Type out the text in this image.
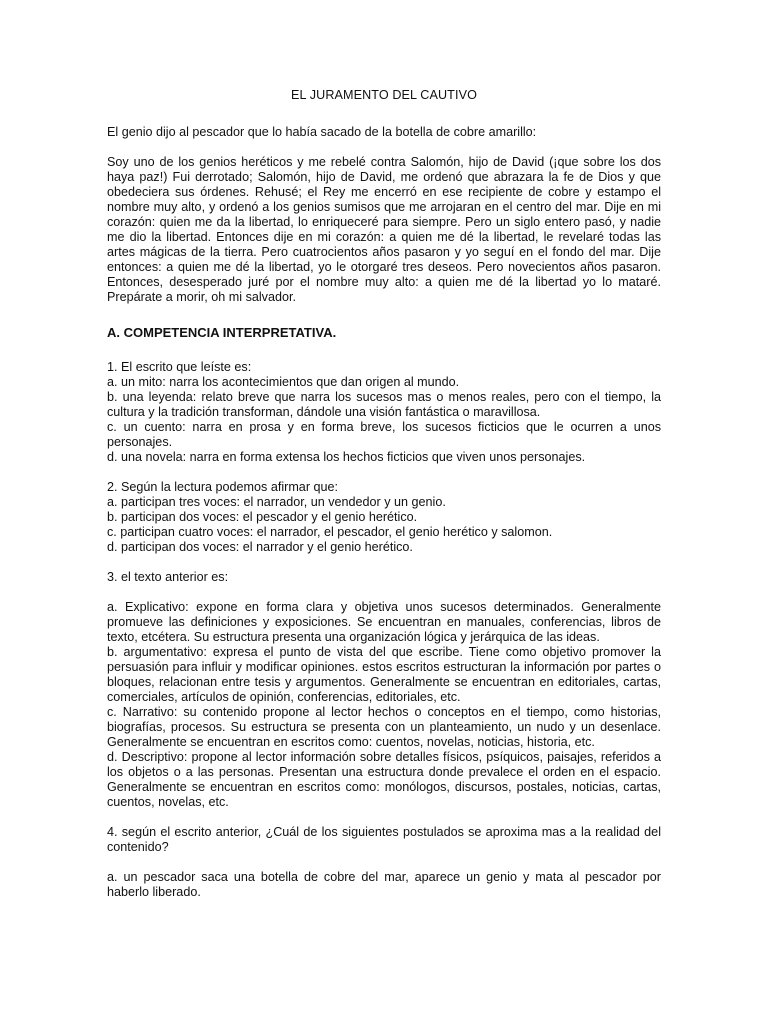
EL JURAMENTO DEL CAUTIVO

El genio dijo al pescador que lo había sacado de la botella de cobre amarillo:

Soy uno de los genios heréticos y me rebelé contra Salomón, hijo de David (¡que sobre los dos haya paz!) Fui derrotado; Salomón, hijo de David, me ordenó que abrazara la fe de Dios y que obedeciera sus órdenes. Rehusé; el Rey me encerró en ese recipiente de cobre y estampo el nombre muy alto, y ordenó a los genios sumisos que me arrojaran en el centro del mar. Dije en mi corazón: quien me da la libertad, lo enriqueceré para siempre. Pero un siglo entero pasó, y nadie me dio la libertad. Entonces dije en mi corazón: a quien me dé la libertad, le revelaré todas las artes mágicas de la tierra. Pero cuatrocientos años pasaron y yo seguí en el fondo del mar. Dije entonces: a quien me dé la libertad, yo le otorgaré tres deseos. Pero novecientos años pasaron. Entonces, desesperado juré por el nombre muy alto: a quien me dé la libertad yo lo mataré. Prepárate a morir, oh mi salvador.

A. COMPETENCIA INTERPRETATIVA.

1. El escrito que leíste es:

a. un mito: narra los acontecimientos que dan origen al mundo.

b. una leyenda: relato breve que narra los sucesos mas o menos reales, pero con el tiempo, la cultura y la tradición transforman, dándole una visión fantástica o maravillosa.

c. un cuento: narra en prosa y en forma breve, los sucesos ficticios que le ocurren a unos personajes.

d. una novela: narra en forma extensa los hechos ficticios que viven unos personajes.

2. Según la lectura podemos afirmar que:

a. participan tres voces: el narrador, un vendedor y un genio.

b. participan dos voces: el pescador y el genio herético.

c. participan cuatro voces: el narrador, el pescador, el genio herético y salomon.

d. participan dos voces: el narrador y el genio herético.

3. el texto anterior es:

a. Explicativo: expone en forma clara y objetiva unos sucesos determinados. Generalmente promueve las definiciones y exposiciones. Se encuentran en manuales, conferencias, libros de texto, etcétera. Su estructura presenta una organización lógica y jerárquica de las ideas.

b. argumentativo: expresa el punto de vista del que escribe. Tiene como objetivo promover la persuasión para influir y modificar opiniones. estos escritos estructuran la información por partes o bloques, relacionan entre tesis y argumentos. Generalmente se encuentran en editoriales, cartas, comerciales, artículos de opinión, conferencias, editoriales, etc.

c. Narrativo: su contenido propone al lector hechos o conceptos en el tiempo, como historias, biografías, procesos. Su estructura se presenta con un planteamiento, un nudo y un desenlace. Generalmente se encuentran en escritos como: cuentos, novelas, noticias, historia, etc.

d. Descriptivo: propone al lector información sobre detalles físicos, psíquicos, paisajes, referidos a los objetos o a las personas. Presentan una estructura donde prevalece el orden en el espacio. Generalmente se encuentran en escritos como: monólogos, discursos, postales, noticias, cartas, cuentos, novelas, etc.

4. según el escrito anterior, ¿Cuál de los siguientes postulados se aproxima mas a la realidad del contenido?

a. un pescador saca una botella de cobre del mar, aparece un genio y mata al pescador por haberlo liberado.
